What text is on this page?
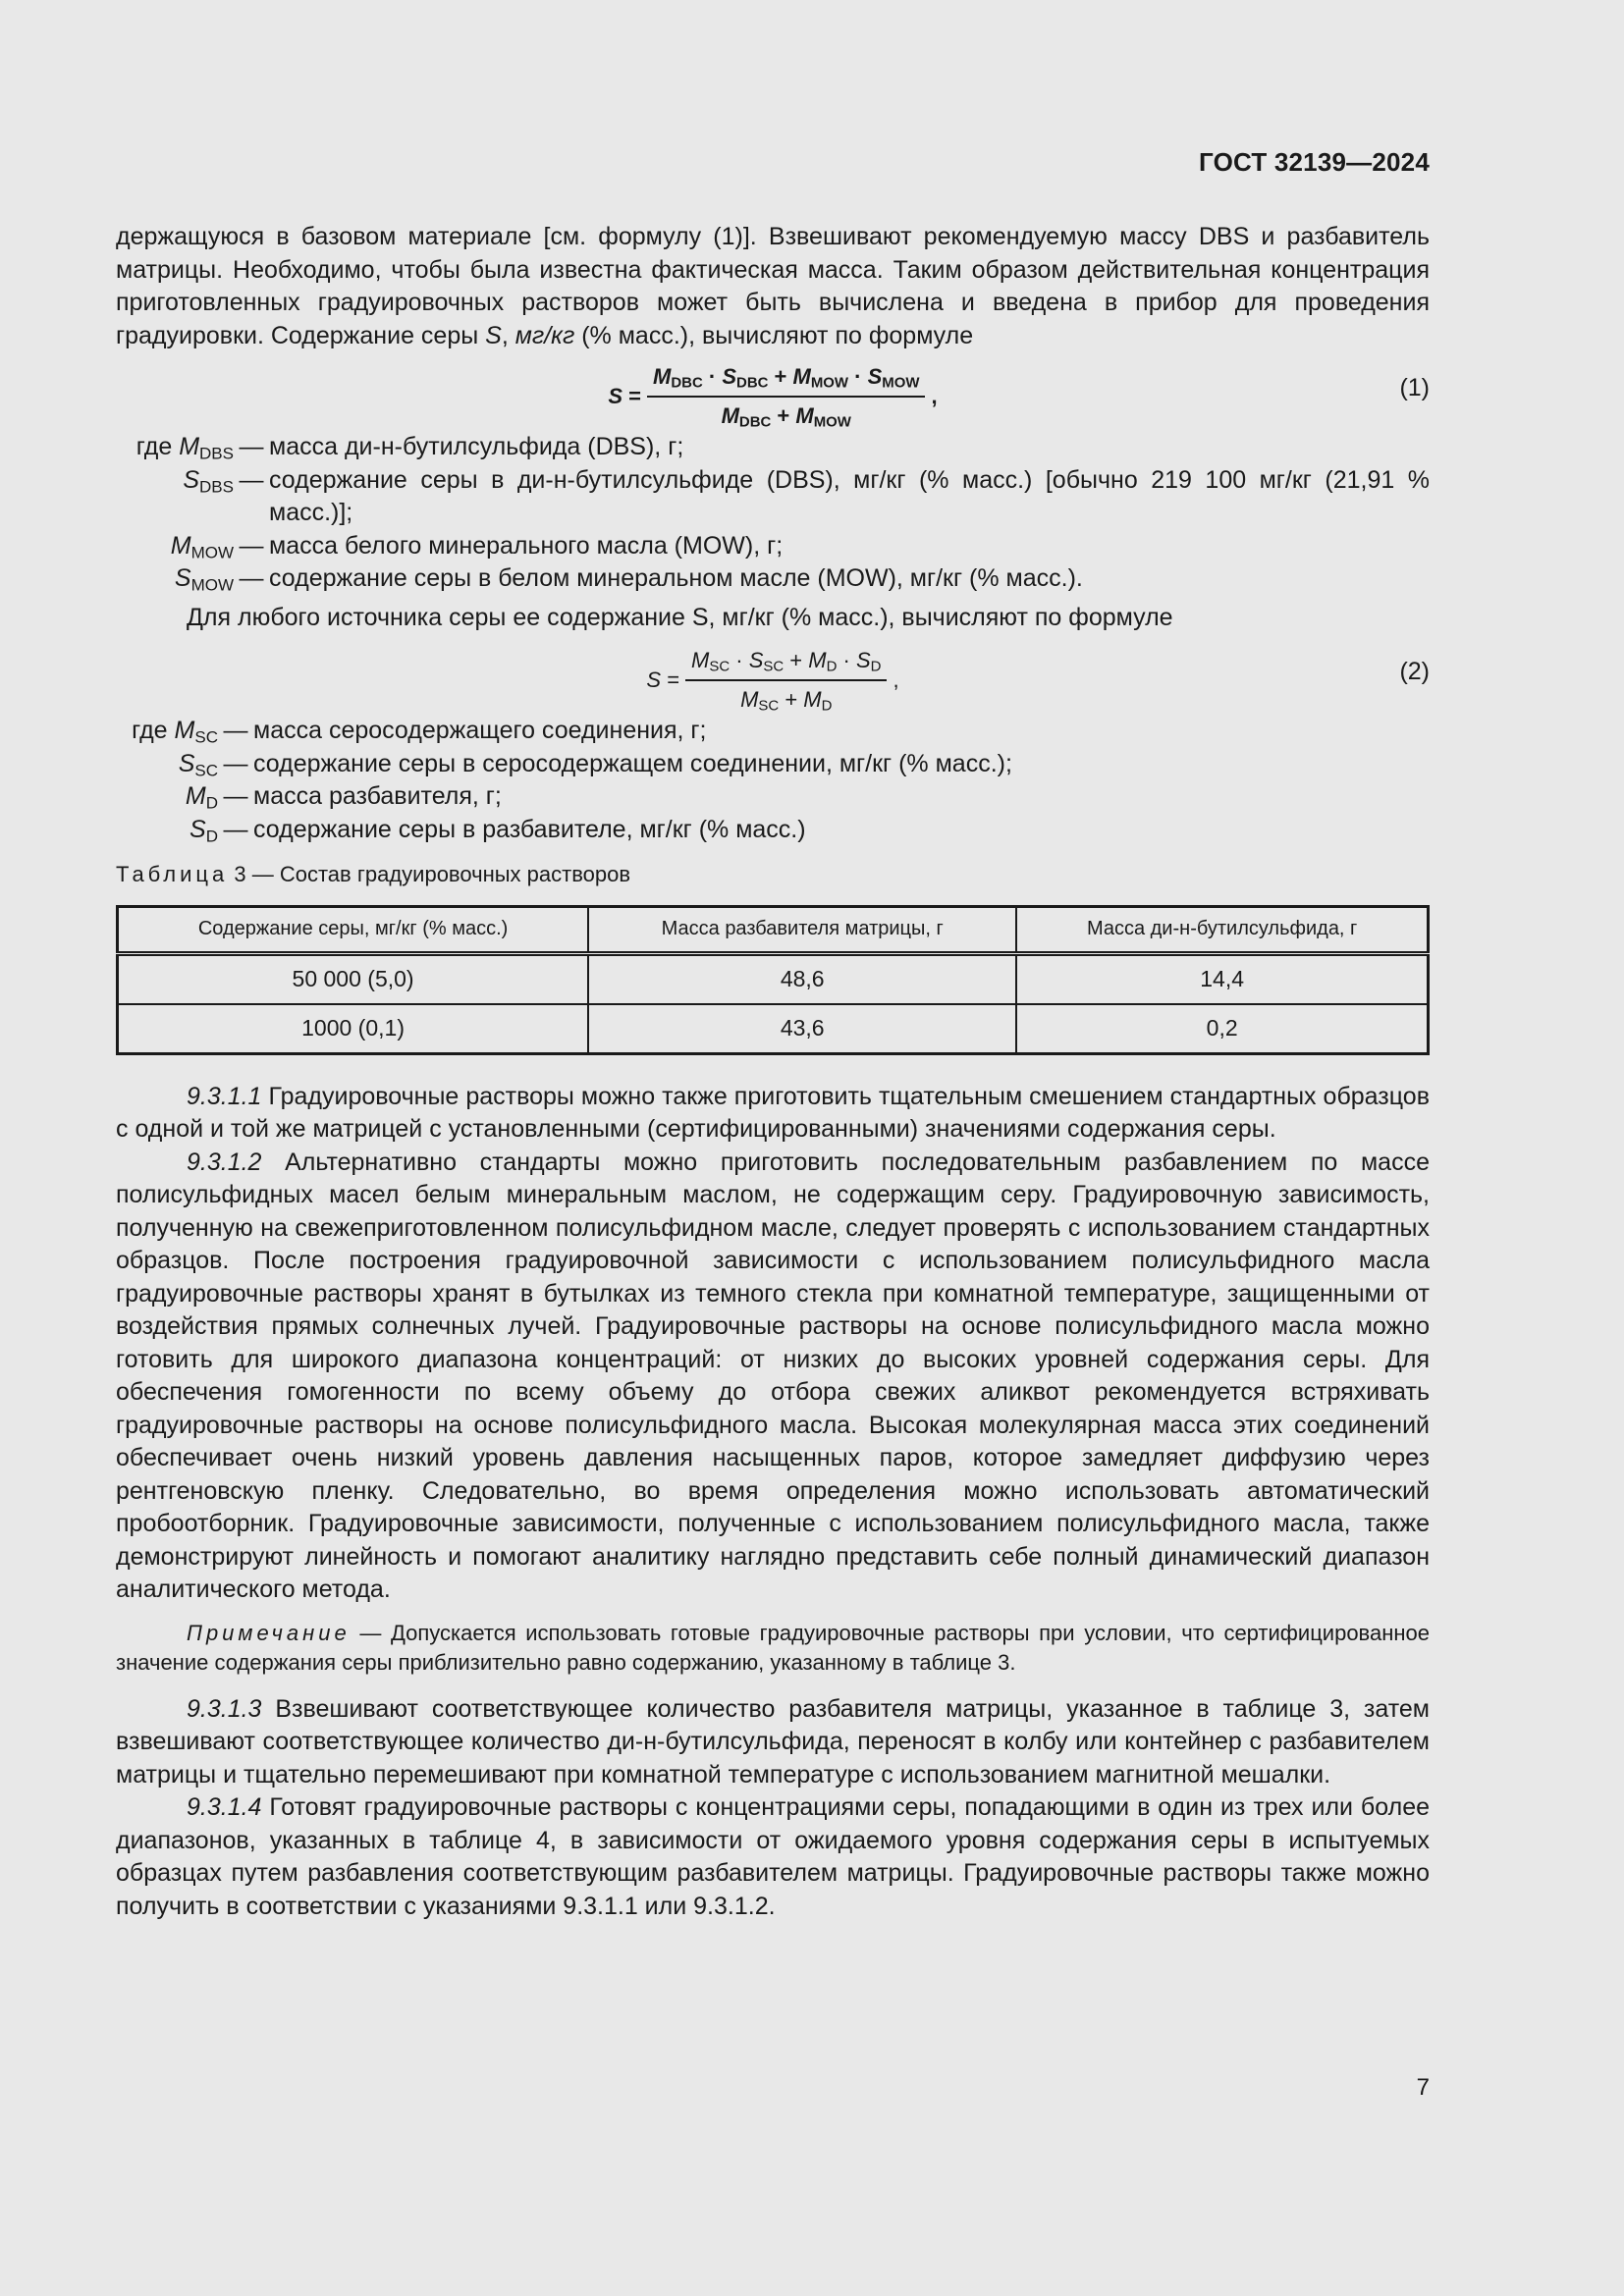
ГОСТ 32139—2024

держащуюся в базовом материале [см. формулу (1)]. Взвешивают рекомендуемую массу DBS и разбавитель матрицы. Необходимо, чтобы была известна фактическая масса. Таким образом действительная концентрация приготовленных градуировочных растворов может быть вычислена и введена в прибор для проведения градуировки. Содержание серы S, мг/кг (% масс.), вычисляют по формуле

$S = \frac{M_{DBC} \cdot S_{DBC} + M_{MOW} \cdot S_{MOW}}{M_{DBC} + M_{MOW}}$ ,	(1)
где $M_{DBS}$ — масса ди-н-бутилсульфида (DBS), г;
$S_{DBS}$ — содержание серы в ди-н-бутилсульфиде (DBS), мг/кг (% масс.) [обычно 219 100 мг/кг (21,91 % масс.)];
$M_{MOW}$ — масса белого минерального масла (MOW), г;
$S_{MOW}$ — содержание серы в белом минеральном масле (MOW), мг/кг (% масс.).

Для любого источника серы ее содержание S, мг/кг (% масс.), вычисляют по формуле

$S = \frac{M_{SC} \cdot S_{SC} + M_D \cdot S_D}{M_{SC} + M_D}$ ,	(2)
где $M_{SC}$ — масса серосодержащего соединения, г;
$S_{SC}$ — содержание серы в серосодержащем соединении, мг/кг (% масс.);
$M_D$ — масса разбавителя, г;
$S_D$ — содержание серы в разбавителе, мг/кг (% масс.)
Таблица 3 — Состав градуировочных растворов
Содержание серы, мг/кг (% масс.)	Масса разбавителя матрицы, г	Масса ди-н-бутилсульфида, г
50 000 (5,0)	48,6	14,4
1000 (0,1)	43,6	0,2

9.3.1.1 Градуировочные растворы можно также приготовить тщательным смешением стандартных образцов с одной и той же матрицей с установленными (сертифицированными) значениями содержания серы.

9.3.1.2 Альтернативно стандарты можно приготовить последовательным разбавлением по массе полисульфидных масел белым минеральным маслом, не содержащим серу. Градуировочную зависимость, полученную на свежеприготовленном полисульфидном масле, следует проверять с использованием стандартных образцов. После построения градуировочной зависимости с использованием полисульфидного масла градуировочные растворы хранят в бутылках из темного стекла при комнатной температуре, защищенными от воздействия прямых солнечных лучей. Градуировочные растворы на основе полисульфидного масла можно готовить для широкого диапазона концентраций: от низких до высоких уровней содержания серы. Для обеспечения гомогенности по всему объему до отбора свежих аликвот рекомендуется встряхивать градуировочные растворы на основе полисульфидного масла. Высокая молекулярная масса этих соединений обеспечивает очень низкий уровень давления насыщенных паров, которое замедляет диффузию через рентгеновскую пленку. Следовательно, во время определения можно использовать автоматический пробоотборник. Градуировочные зависимости, полученные с использованием полисульфидного масла, также демонстрируют линейность и помогают аналитику наглядно представить себе полный динамический диапазон аналитического метода.

Примечание — Допускается использовать готовые градуировочные растворы при условии, что сертифицированное значение содержания серы приблизительно равно содержанию, указанному в таблице 3.

9.3.1.3 Взвешивают соответствующее количество разбавителя матрицы, указанное в таблице 3, затем взвешивают соответствующее количество ди-н-бутилсульфида, переносят в колбу или контейнер с разбавителем матрицы и тщательно перемешивают при комнатной температуре с использованием магнитной мешалки.

9.3.1.4 Готовят градуировочные растворы с концентрациями серы, попадающими в один из трех или более диапазонов, указанных в таблице 4, в зависимости от ожидаемого уровня содержания серы в испытуемых образцах путем разбавления соответствующим разбавителем матрицы. Градуировочные растворы также можно получить в соответствии с указаниями 9.3.1.1 или 9.3.1.2.

7
